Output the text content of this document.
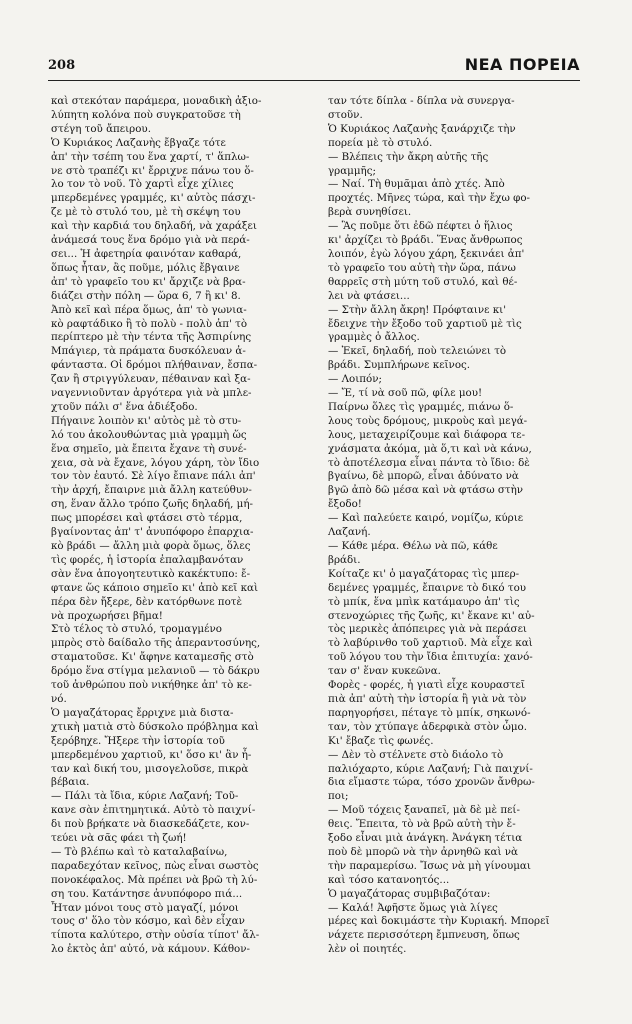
208	ΝΕΑ ΠΟΡΕΙΑ

καὶ στεκόταν παράμερα, μοναδικὴ ἀξιο-

λύπητη κολόνα ποὺ συγκρατοῦσε τὴ

στέγη τοῦ ἄπειρου.

Ὁ Κυριάκος Λαζανὴς ἔβγαζε τότε

ἀπ' τὴν τσέπη του ἕνα χαρτί, τ' ἅπλω-

νε στὸ τραπέζι κι' ἔρριχνε πάνω του ὅ-

λο τον τὸ νοῦ. Τὸ χαρτὶ εἶχε χίλιες

μπερδεμένες γραμμές, κι' αὐτὸς πάσχι-

ζε μὲ τὸ στυλό του, μὲ τὴ σκέψη του

καὶ τὴν καρδιά του δηλαδή, νὰ χαράξει

ἀνάμεσά τους ἕνα δρόμο γιὰ νὰ περά-

σει... Ἡ ἀφετηρία φαινόταν καθαρά,

ὅπως ἦταν, ἂς ποῦμε, μόλις ἔβγαινε

ἀπ' τὸ γραφεῖο του κι' ἄρχιζε νὰ βρα-

διάζει στὴν πόλη — ὥρα 6, 7 ἢ κι' 8.

Ἀπὸ κεῖ καὶ πέρα ὅμως, ἀπ' τὸ γωνια-

κὸ ραφτάδικο ἢ τὸ πολὺ - πολὺ ἀπ' τὸ

περίπτερο μὲ τὴν τέντα τῆς Ἀσπιρίνης

Μπάγιερ, τὰ πράματα δυσκόλευαν ἀ-

φάνταστα. Οἱ δρόμοι πλήθαιναν, ἔσπα-

ζαν ἢ στριγγύλευαν, πέθαιναν καὶ ξα-

ναγεννιοῦνταν ἀργότερα γιὰ νὰ μπλε-

χτοῦν πάλι σ' ἕνα ἀδιέξοδο.

Πήγαινε λοιπὸν κι' αὐτὸς μὲ τὸ στυ-

λό του ἀκολουθώντας μιὰ γραμμὴ ὥς

ἕνα σημεῖο, μὰ ἔπειτα ἔχανε τὴ συνέ-

χεια, σὰ νὰ ἔχανε, λόγου χάρη, τὸν ἴδιο

τον τὸν ἑαυτό. Σὲ λίγο ἔπιανε πάλι ἀπ'

τὴν ἀρχή, ἔπαιρνε μιὰ ἄλλη κατεύθυν-

ση, ἕναν ἄλλο τρόπο ζωῆς δηλαδή, μή-

πως μπορέσει καὶ φτάσει στὸ τέρμα,

βγαίνοντας ἀπ' τ' ἀνυπόφορο ἐπαρχια-

κὸ βράδι — ἄλλη μιὰ φορὰ ὅμως, ὅλες

τὶς φορές, ἡ ἱστορία ἐπαλαμβανόταν

σὰν ἕνα ἀπογοητευτικὸ κακέκτυπο: ἔ-

φτανε ὥς κάποιο σημεῖο κι' ἀπὸ κεῖ καὶ

πέρα δὲν ἤξερε, δὲν κατόρθωνε ποτὲ

νὰ προχωρήσει βῆμα!

Στὸ τέλος τὸ στυλό, τρομαγμένο

μπρὸς στὸ δαίδαλο τῆς ἀπεραντοσύνης,

σταματοῦσε. Κι' ἄφηνε καταμεσῆς στὸ

δρόμο ἕνα στίγμα μελανιοῦ — τὸ δάκρυ

τοῦ ἀνθρώπου ποὺ νικήθηκε ἀπ' τὸ κε-

νό.

Ὁ μαγαζάτορας ἔρριχνε μιὰ διστα-

χτικὴ ματιὰ στὸ δύσκολο πρόβλημα καὶ

ξερόβηχε. Ἤξερε τὴν ἱστορία τοῦ

μπερδεμένου χαρτιοῦ, κι' ὅσο κι' ἂν ἦ-

ταν καὶ δική του, μισογελοῦσε, πικρὰ

βέβαια.

— Πάλι τὰ ἴδια, κύριε Λαζανή; Τοῦ-

κανε σὰν ἐπιτημητικά. Αὐτὸ τὸ παιχνί-

δι ποὺ βρήκατε νὰ διασκεδάζετε, κον-

τεύει νὰ σᾶς φάει τὴ ζωή!

— Τὸ βλέπω καὶ τὸ καταλαβαίνω,

παραδεχόταν κεῖνος, πὼς εἶναι σωστὸς

πονοκέφαλος. Μὰ πρέπει νὰ βρῶ τὴ λύ-

ση του. Κατάντησε ἀνυπόφορο πιά...

Ἦταν μόνοι τους στὸ μαγαζί, μόνοι

τους σ' ὅλο τὸν κόσμο, καὶ δὲν εἶχαν

τίποτα καλύτερο, στὴν οὐσία τίποτ' ἄλ-

λο ἐκτὸς ἀπ' αὐτό, νὰ κάμουν. Κάθον-

ταν τότε δίπλα - δίπλα νὰ συνεργα-

στοῦν.

Ὁ Κυριάκος Λαζανὴς ξανάρχιζε τὴν

πορεία μὲ τὸ στυλό.

— Βλέπεις τὴν ἄκρη αὐτῆς τῆς

γραμμῆς;

— Ναί. Τὴ θυμᾶμαι ἀπὸ χτές. Ἀπὸ

προχτές. Μῆνες τώρα, καὶ τὴν ἔχω φο-

βερὰ συνηθίσει.

— Ἂς ποῦμε ὅτι ἐδῶ πέφτει ὁ ἥλιος

κι' ἀρχίζει τὸ βράδι. Ἕνας ἄνθρωπος

λοιπόν, ἐγὼ λόγου χάρη, ξεκινάει ἀπ'

τὸ γραφεῖο του αὐτὴ τὴν ὥρα, πάνω

θαρρεῖς στὴ μύτη τοῦ στυλό, καὶ θέ-

λει νὰ φτάσει...

— Στὴν ἄλλη ἄκρη! Πρόφταινε κι'

ἔδειχνε τὴν ἔξοδο τοῦ χαρτιοῦ μὲ τὶς

γραμμὲς ὁ ἄλλος.

— Ἐκεῖ, δηλαδή, ποὺ τελειώνει τὸ

βράδι. Συμπλήρωνε κεῖνος.

— Λοιπόν;

— Ἔ, τί νὰ σοῦ πῶ, φίλε μου!

Παίρνω ὅλες τὶς γραμμές, πιάνω ὅ-

λους τοὺς δρόμους, μικροὺς καὶ μεγά-

λους, μεταχειρίζουμε καὶ διάφορα τε-

χνάσματα ἀκόμα, μὰ ὅ,τι καὶ νὰ κάνω,

τὸ ἀποτέλεσμα εἶναι πάντα τὸ ἴδιο: δὲ

βγαίνω, δὲ μπορῶ, εἶναι ἀδύνατο νὰ

βγῶ ἀπὸ δῶ μέσα καὶ νὰ φτάσω στὴν

ἔξοδο!

— Καὶ παλεύετε καιρό, νομίζω, κύριε

Λαζανή.

— Κάθε μέρα. Θέλω νὰ πῶ, κάθε

βράδι.

Κοίταζε κι' ὁ μαγαζάτορας τὶς μπερ-

δεμένες γραμμές, ἔπαιρνε τὸ δικό του

τὸ μπίκ, ἕνα μπὶκ κατάμαυρο ἀπ' τὶς

στενοχώριες τῆς ζωῆς, κι' ἔκανε κι' αὐ-

τὸς μερικὲς ἀπόπειρες γιὰ νὰ περάσει

τὸ λαβύρινθο τοῦ χαρτιοῦ. Μὰ εἶχε καὶ

τοῦ λόγου του τὴν ἴδια ἐπιτυχία: χανό-

ταν σ' ἕναν κυκεῶνα.

Φορὲς - φορές, ἡ γιατὶ εἶχε κουραστεῖ

πιὰ ἀπ' αὐτὴ τὴν ἱστορία ἢ γιὰ νὰ τὸν

παρηγορήσει, πέταγε τὸ μπίκ, σηκωνό-

ταν, τὸν χτύπαγε ἀδερφικὰ στὸν ὦμο.

Κι' ἔβαζε τὶς φωνές.

— Δὲν τὸ στέλνετε στὸ διάολο τὸ

παλιόχαρτο, κύριε Λαζανή; Γιὰ παιχνί-

δια εἴμαστε τώρα, τόσο χρονῶν ἄνθρω-

ποι;

— Μοῦ τόχεις ξαναπεῖ, μὰ δὲ μὲ πεί-

θεις. Ἔπειτα, τὸ νὰ βρῶ αὐτὴ τὴν ἔ-

ξοδο εἶναι μιὰ ἀνάγκη. Ἀνάγκη τέτια

ποὺ δὲ μπορῶ νὰ τὴν ἀρνηθῶ καὶ νὰ

τὴν παραμερίσω. Ἴσως νὰ μὴ γίνουμαι

καὶ τόσο κατανοητός...

Ὁ μαγαζάτορας συμβιβαζόταν:

— Καλά! Ἀφῆστε ὅμως γιὰ λίγες

μέρες καὶ δοκιμάστε τὴν Κυριακή. Μπορεῖ

νάχετε περισσότερη ἔμπνευση, ὅπως

λὲν οἱ ποιητές.
